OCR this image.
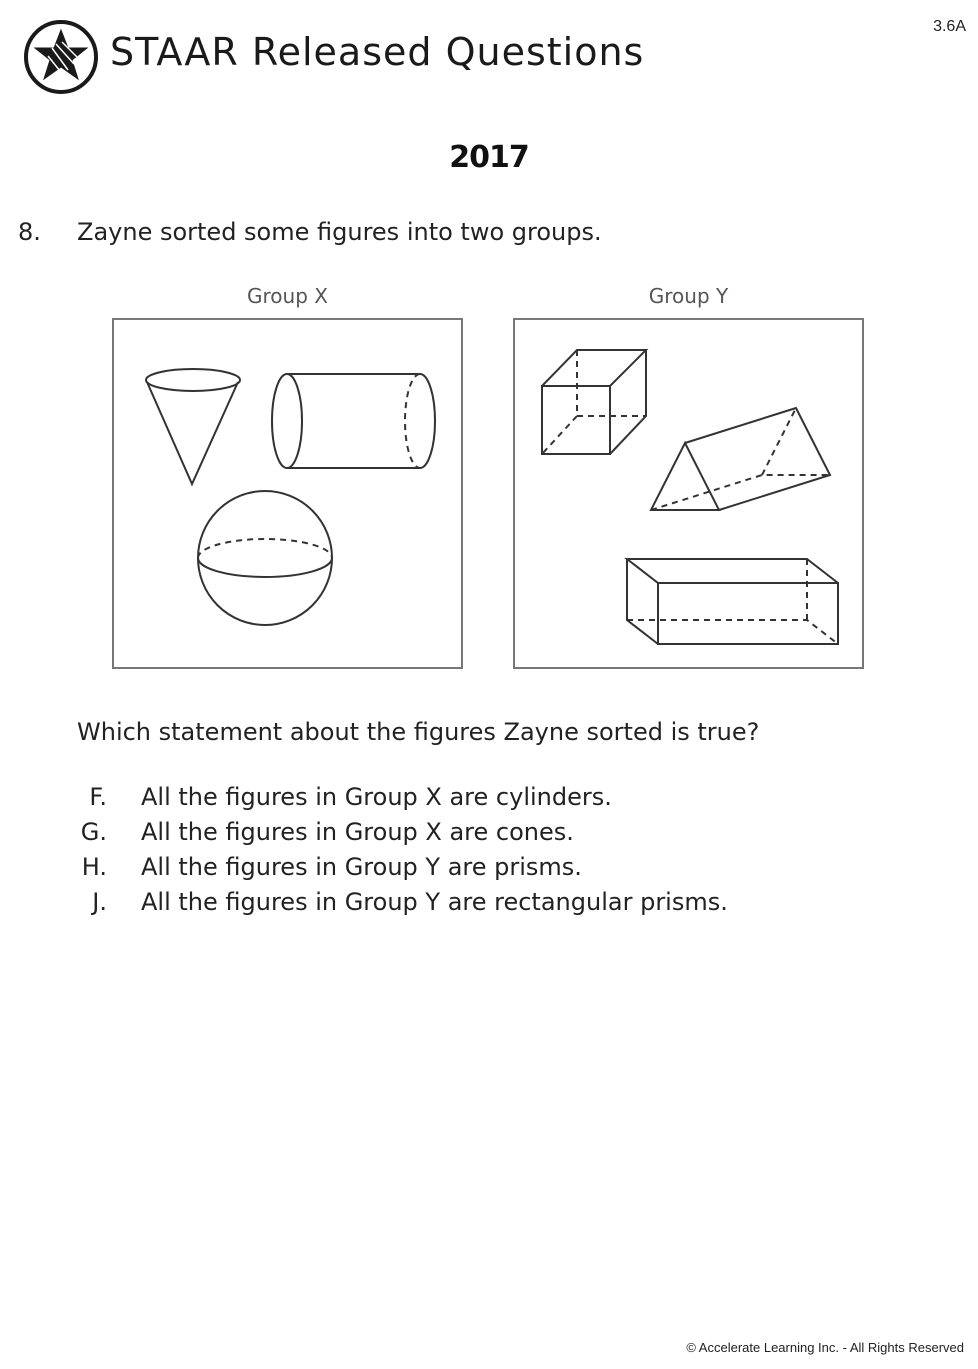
STAAR Released Questions
3.6A
2017
8. Zayne sorted some figures into two groups.
Group X	Group Y
Which statement about the figures Zayne sorted is true?
F. All the figures in Group X are cylinders.
G. All the figures in Group X are cones.
H. All the figures in Group Y are prisms.
J. All the figures in Group Y are rectangular prisms.
© Accelerate Learning Inc. - All Rights Reserved
